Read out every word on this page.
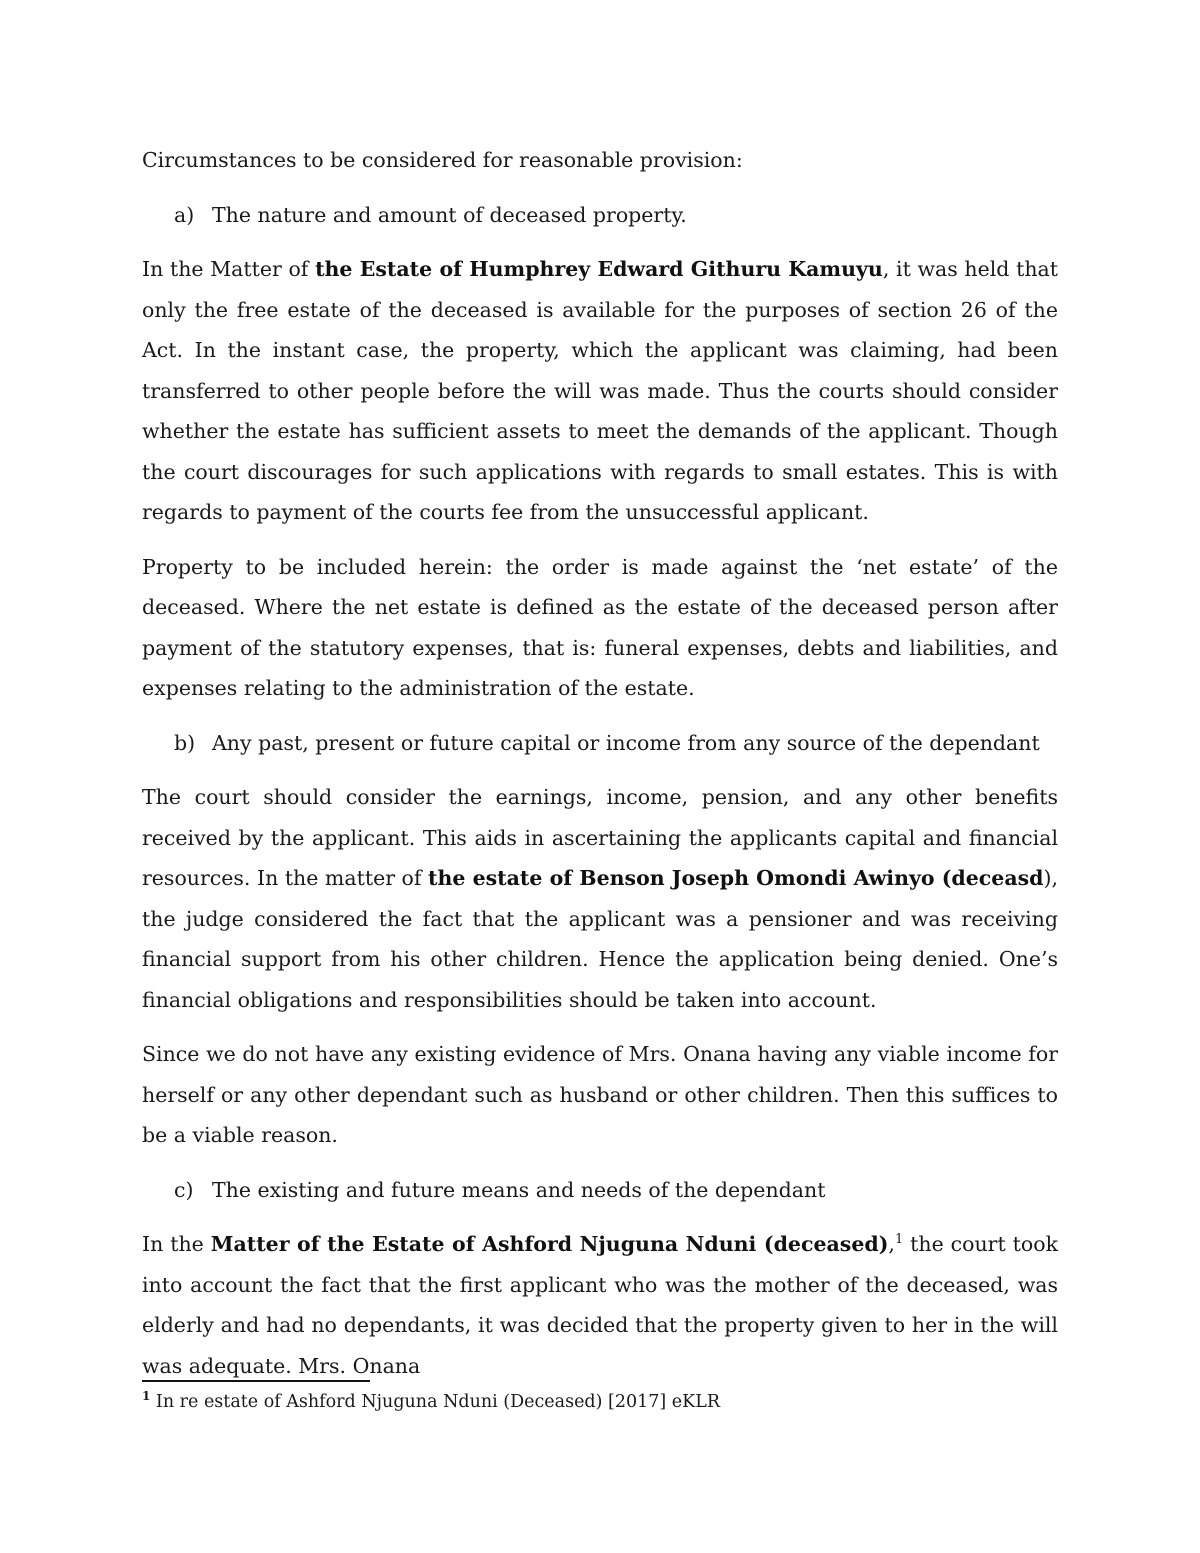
Circumstances to be considered for reasonable provision:

a) The nature and amount of deceased property.

In the Matter of the Estate of Humphrey Edward Githuru Kamuyu, it was held that only the free estate of the deceased is available for the purposes of section 26 of the Act. In the instant case, the property, which the applicant was claiming, had been transferred to other people before the will was made. Thus the courts should consider whether the estate has sufficient assets to meet the demands of the applicant. Though the court discourages for such applications with regards to small estates. This is with regards to payment of the courts fee from the unsuccessful applicant.

Property to be included herein: the order is made against the ‘net estate’ of the deceased. Where the net estate is defined as the estate of the deceased person after payment of the statutory expenses, that is: funeral expenses, debts and liabilities, and expenses relating to the administration of the estate.

b) Any past, present or future capital or income from any source of the dependant

The court should consider the earnings, income, pension, and any other benefits received by the applicant. This aids in ascertaining the applicants capital and financial resources. In the matter of the estate of Benson Joseph Omondi Awinyo (deceasd), the judge considered the fact that the applicant was a pensioner and was receiving financial support from his other children. Hence the application being denied. One’s financial obligations and responsibilities should be taken into account.

Since we do not have any existing evidence of Mrs. Onana having any viable income for herself or any other dependant such as husband or other children. Then this suffices to be a viable reason.

c) The existing and future means and needs of the dependant

In the Matter of the Estate of Ashford Njuguna Nduni (deceased),$^1$ the court took into account the fact that the first applicant who was the mother of the deceased, was elderly and had no dependants, it was decided that the property given to her in the will was adequate. Mrs. Onana

$^1$ In re estate of Ashford Njuguna Nduni (Deceased) [2017] eKLR
